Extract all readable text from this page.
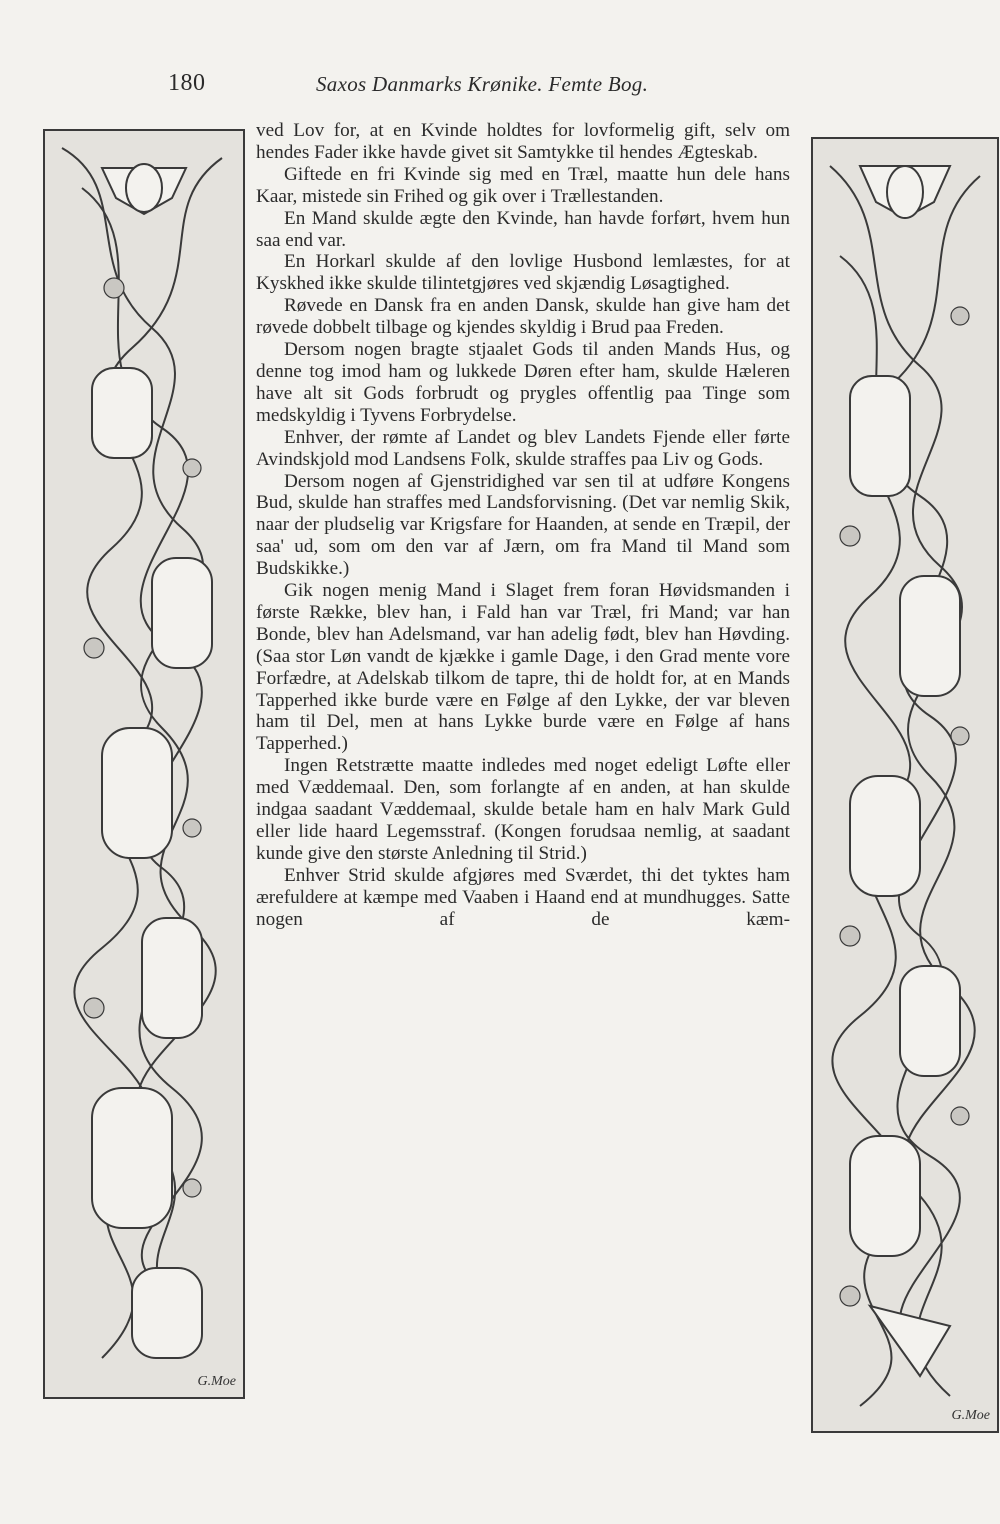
180	Saxos Danmarks Krønike. Femte Bog.
G.Moe
G.Moe

ved Lov for, at en Kvinde holdtes for lovformelig gift, selv om hendes Fader ikke havde givet sit Samtykke til hendes Ægteskab.

Giftede en fri Kvinde sig med en Træl, maatte hun dele hans Kaar, mistede sin Frihed og gik over i Trællestanden.

En Mand skulde ægte den Kvinde, han havde forført, hvem hun saa end var.

En Horkarl skulde af den lovlige Husbond lemlæstes, for at Kyskhed ikke skulde tilintetgjøres ved skjændig Løsagtighed.

Røvede en Dansk fra en anden Dansk, skulde han give ham det røvede dobbelt tilbage og kjendes skyldig i Brud paa Freden.

Dersom nogen bragte stjaalet Gods til anden Mands Hus, og denne tog imod ham og lukkede Døren efter ham, skulde Hæleren have alt sit Gods forbrudt og prygles offentlig paa Tinge som medskyldig i Tyvens Forbrydelse.

Enhver, der rømte af Landet og blev Landets Fjende eller førte Avindskjold mod Landsens Folk, skulde straffes paa Liv og Gods.

Dersom nogen af Gjenstridighed var sen til at udføre Kongens Bud, skulde han straffes med Landsforvisning. (Det var nemlig Skik, naar der pludselig var Krigsfare for Haanden, at sende en Træpil, der saa' ud, som om den var af Jærn, om fra Mand til Mand som Budskikke.)

Gik nogen menig Mand i Slaget frem foran Høvidsmanden i første Række, blev han, i Fald han var Træl, fri Mand; var han Bonde, blev han Adelsmand, var han adelig født, blev han Høvding. (Saa stor Løn vandt de kjække i gamle Dage, i den Grad mente vore Forfædre, at Adelskab tilkom de tapre, thi de holdt for, at en Mands Tapperhed ikke burde være en Følge af den Lykke, der var bleven ham til Del, men at hans Lykke burde være en Følge af hans Tapperhed.)

Ingen Retstrætte maatte indledes med noget edeligt Løfte eller med Væddemaal. Den, som forlangte af en anden, at han skulde indgaa saadant Væddemaal, skulde betale ham en halv Mark Guld eller lide haard Legemsstraf. (Kongen forudsaa nemlig, at saadant kunde give den største Anledning til Strid.)

Enhver Strid skulde afgjøres med Sværdet, thi det tyktes ham ærefuldere at kæmpe med Vaaben i Haand end at mundhugges. Satte nogen af de kæm-
